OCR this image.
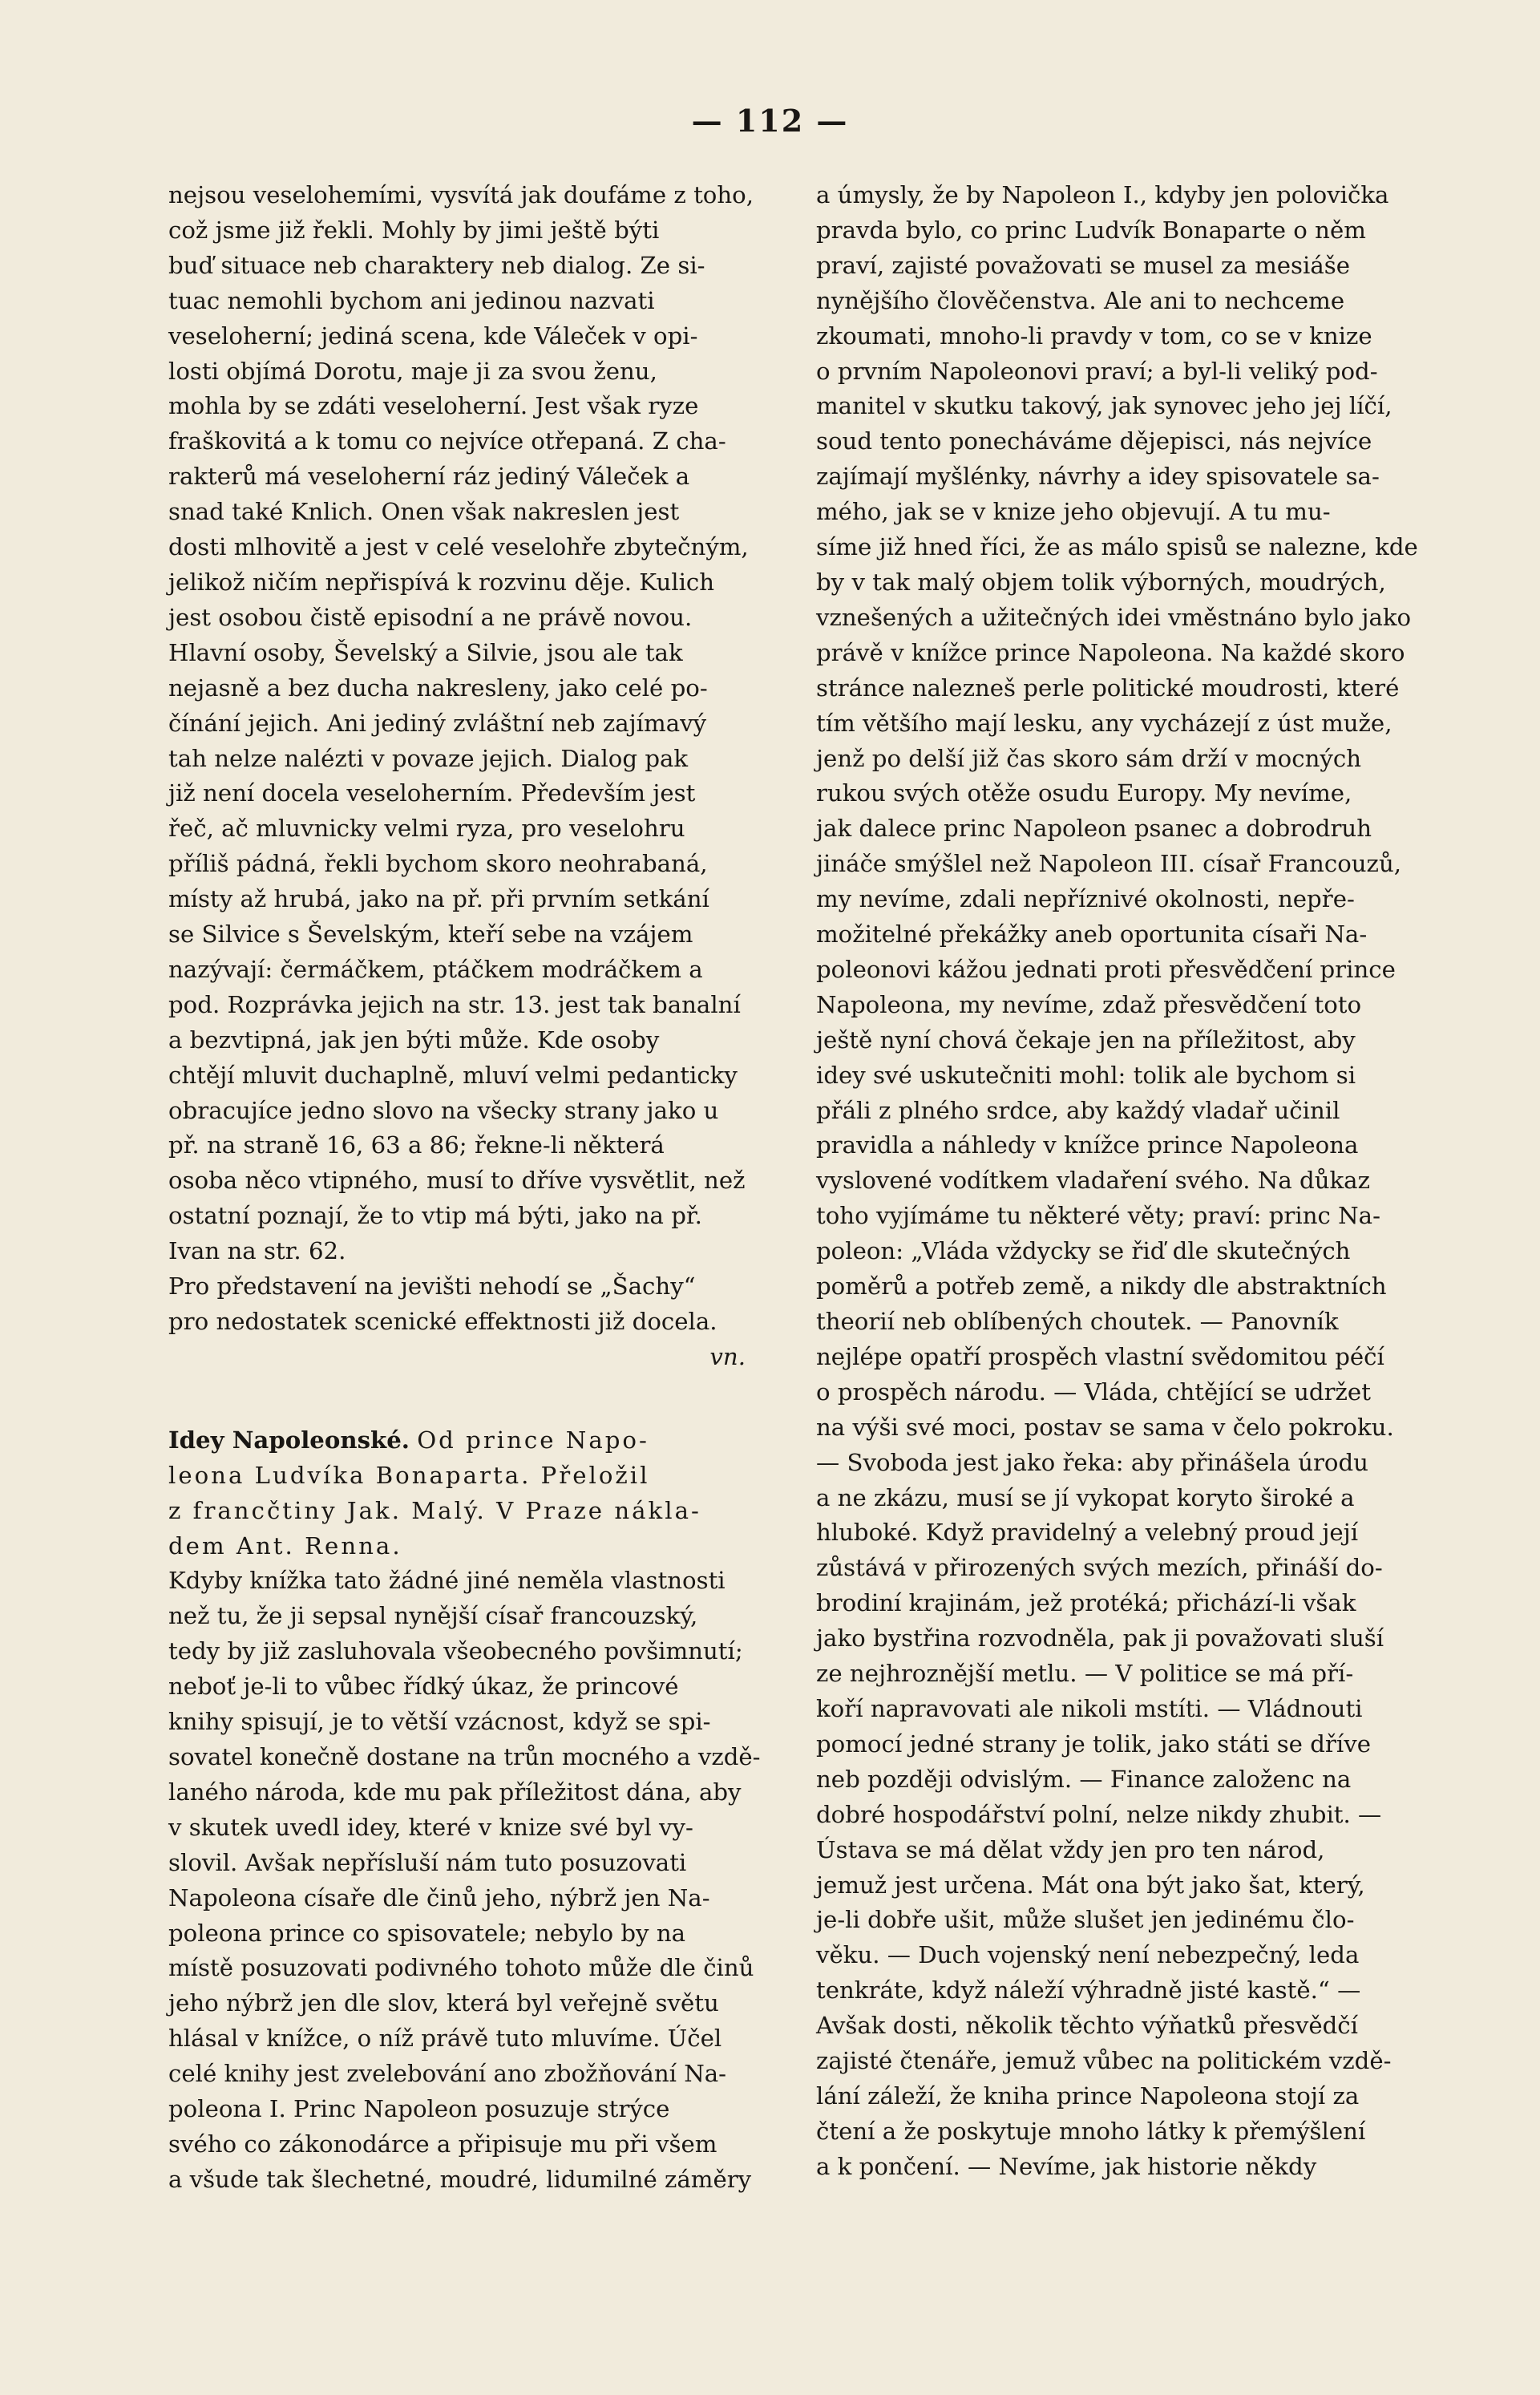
— 112 —
nejsou veselohemími, vysvítá jak doufáme z toho,
což jsme již řekli. Mohly by jimi ještě býti
buď situace neb charaktery neb dialog. Ze si-
tuac nemohli bychom ani jedinou nazvati
veseloherní; jediná scena, kde Váleček v opi-
losti objímá Dorotu, maje ji za svou ženu,
mohla by se zdáti veseloherní. Jest však ryze
fraškovitá a k tomu co nejvíce otřepaná. Z cha-
rakterů má veseloherní ráz jediný Váleček a
snad také Knlich. Onen však nakreslen jest
dosti mlhovitě a jest v celé veselohře zbytečným,
jelikož ničím nepřispívá k rozvinu děje. Kulich
jest osobou čistě episodní a ne právě novou.
Hlavní osoby, Ševelský a Silvie, jsou ale tak
nejasně a bez ducha nakresleny, jako celé po-
čínání jejich. Ani jediný zvláštní neb zajímavý
tah nelze nalézti v povaze jejich. Dialog pak
již není docela veseloherním. Především jest
řeč, ač mluvnicky velmi ryza, pro veselohru
příliš pádná, řekli bychom skoro neohrabaná,
místy až hrubá, jako na př. při prvním setkání
se Silvice s Ševelským, kteří sebe na vzájem
nazývají: čermáčkem, ptáčkem modráčkem a
pod. Rozprávka jejich na str. 13. jest tak banalní
a bezvtipná, jak jen býti může. Kde osoby
chtějí mluvit duchaplně, mluví velmi pedanticky
obracujíce jedno slovo na všecky strany jako u
př. na straně 16, 63 a 86; řekne-li některá
osoba něco vtipného, musí to dříve vysvětlit, než
ostatní poznají, že to vtip má býti, jako na př.
Ivan na str. 62.
Pro představení na jevišti nehodí se „Šachy“
pro nedostatek scenické effektnosti již docela.
vn.
Idey Napoleonské. Od prince Napo-
leona Ludvíka Bonaparta. Přeložil
z francčtiny Jak. Malý. V Praze náklа-
dem Ant. Renna.
Kdyby knížka tato žádné jiné neměla vlastnosti
než tu, že ji sepsal nynější císař francouzský,
tedy by již zasluhovala všeobecného povšimnutí;
neboť je-li to vůbec řídký úkaz, že princové
knihy spisují, je to větší vzácnost, když se spi-
sovatel konečně dostane na trůn mocného a vzdě-
laného národa, kde mu pak příležitost dána, aby
v skutek uvedl idey, které v knize své byl vy-
slovil. Avšak nepřísluší nám tuto posuzovati
Napoleona císaře dle činů jeho, nýbrž jen Na-
poleona prince co spisovatele; nebylo by na
místě posuzovati podivného tohoto může dle činů
jeho nýbrž jen dle slov, která byl veřejně světu
hlásal v knížce, o níž právě tuto mluvíme. Účel
celé knihy jest zvelebování ano zbožňování Na-
poleona I. Princ Napoleon posuzuje strýce
svého co zákonodárce a připisuje mu při všem
a všude tak šlechetné, moudré, lidumilné záměry
a úmysly, že by Napoleon I., kdyby jen polovička
pravda bylo, co princ Ludvík Bonaparte o něm
praví, zajisté považovati se musel za mesiáše
nynějšího člověčenstva. Ale ani to nechceme
zkoumati, mnoho-li pravdy v tom, co se v knize
o prvním Napoleonovi praví; a byl-li veliký pod-
manitel v skutku takový, jak synovec jeho jej líčí,
soud tento ponecháváme dějepisci, nás nejvíce
zajímají myšlénky, návrhy a idey spisovatele sa-
mého, jak se v knize jeho objevují. A tu mu-
síme již hned říci, že as málo spisů se nalezne, kde
by v tak malý objem tolik výborných, moudrých,
vznešených a užitečných idei vměstnáno bylo jako
právě v knížce prince Napoleona. Na každé skoro
stránce nalezneš perle politické moudrosti, které
tím většího mají lesku, any vycházejí z úst muže,
jenž po delší již čas skoro sám drží v mocných
rukou svých otěže osudu Europy. My nevíme,
jak dalece princ Napoleon psanec a dobrodruh
jináče smýšlel než Napoleon III. císař Francouzů,
my nevíme, zdali nepříznivé okolnosti, nepře-
možitelné překážky aneb oportunita císaři Na-
poleonovi kážou jednati proti přesvědčení prince
Napoleona, my nevíme, zdaž přesvědčení toto
ještě nyní chová čekaje jen na příležitost, aby
idey své uskutečniti mohl: tolik ale bychom si
přáli z plného srdce, aby každý vladař učinil
pravidla a náhledy v knížce prince Napoleona
vyslovené vodítkem vladaření svého. Na důkaz
toho vyjímáme tu některé věty; praví: princ Na-
poleon: „Vláda vždycky se řiď dle skutečných
poměrů a potřeb země, a nikdy dle abstraktních
theorií neb oblíbených choutek. — Panovník
nejlépe opatří prospěch vlastní svědomitou péčí
o prospěch národu. — Vláda, chtějící se udržet
na výši své moci, postav se sama v čelo pokroku.
— Svoboda jest jako řeka: aby přinášela úrodu
a ne zkázu, musí se jí vykopat koryto široké a
hluboké. Když pravidelný a velebný proud její
zůstává v přirozených svých mezích, přináší do-
brodiní krajinám, jež protéká; přichází-li však
jako bystřina rozvodněla, pak ji považovati sluší
ze nejhroznější metlu. — V politice se má pří-
koří napravovati ale nikoli mstíti. — Vládnouti
pomocí jedné strany je tolik, jako státi se dříve
neb později odvislým. — Finance založenc na
dobré hospodářství polní, nelze nikdy zhubit. —
Ústava se má dělat vždy jen pro ten národ,
jemuž jest určena. Mát ona být jako šat, který,
je-li dobře ušit, může slušet jen jedinému člo-
věku. — Duch vojenský není nebezpečný, leda
tenkráte, když náleží výhradně jisté kastě.“ —
Avšak dosti, několik těchto výňatků přesvědčí
zajisté čtenáře, jemuž vůbec na politickém vzdě-
lání záleží, že kniha prince Napoleona stojí za
čtení a že poskytuje mnoho látky k přemýšlení
a k pončení. — Nevíme, jak historie někdy
